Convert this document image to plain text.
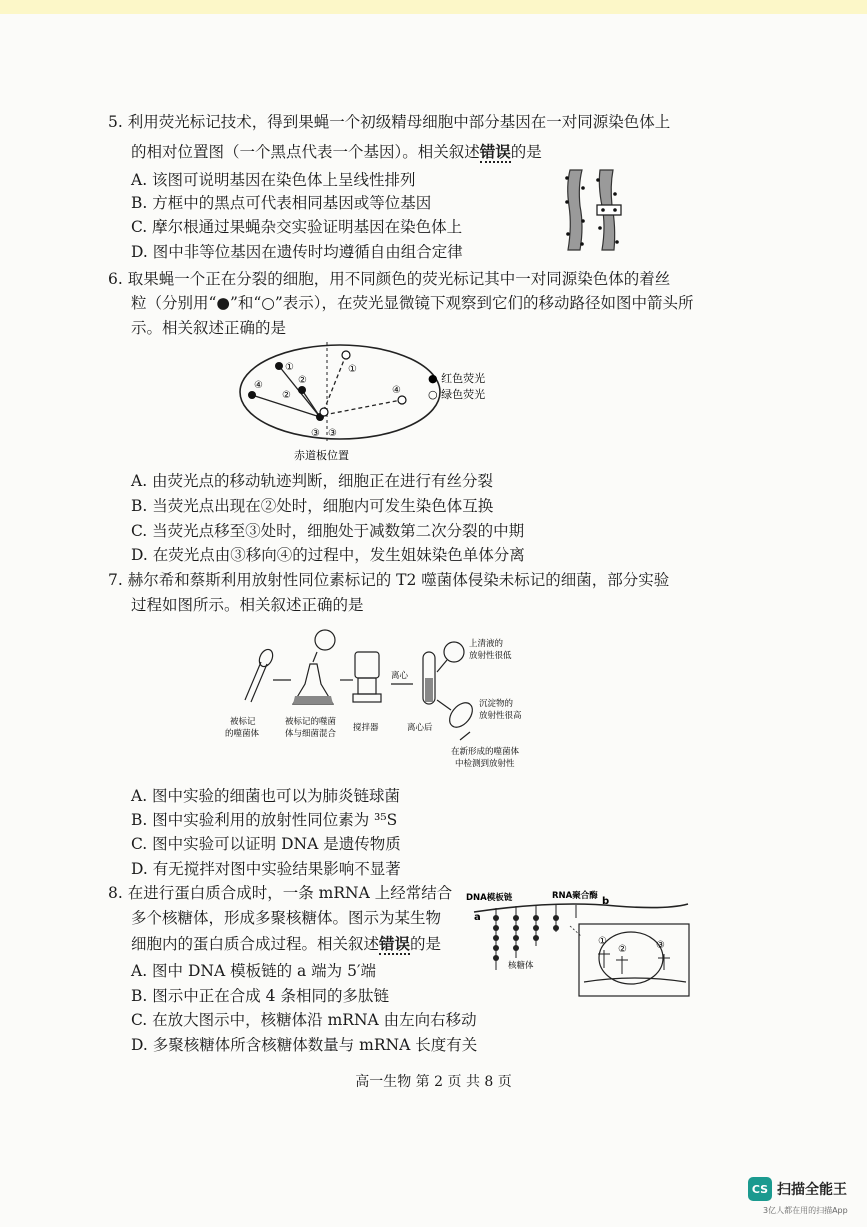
5. 利用荧光标记技术，得到果蝇一个初级精母细胞中部分基因在一对同源染色体上
的相对位置图（一个黑点代表一个基因）。相关叙述错误的是
A. 该图可说明基因在染色体上呈线性排列
B. 方框中的黑点可代表相同基因或等位基因
C. 摩尔根通过果蝇杂交实验证明基因在染色体上
D. 图中非等位基因在遗传时均遵循自由组合定律
6. 取果蝇一个正在分裂的细胞，用不同颜色的荧光标记其中一对同源染色体的着丝
粒（分别用“●”和“○”表示），在荧光显微镜下观察到它们的移动路径如图中箭头所
示。相关叙述正确的是
①	①
②
②
③ ③
④	④
● 红色荧光
○ 绿色荧光
赤道板位置
A. 由荧光点的移动轨迹判断，细胞正在进行有丝分裂
B. 当荧光点出现在②处时，细胞内可发生染色体互换
C. 当荧光点移至③处时，细胞处于减数第二次分裂的中期
D. 在荧光点由③移向④的过程中，发生姐妹染色单体分离
7. 赫尔希和蔡斯利用放射性同位素标记的 T2 噬菌体侵染未标记的细菌，部分实验
过程如图所示。相关叙述正确的是
被标记
的噬菌体
被标记的噬菌
体与细菌混合
搅拌器
离心
离心后
上清液的
放射性很低
沉淀物的
放射性很高
在新形成的噬菌体
中检测到放射性
A. 图中实验的细菌也可以为肺炎链球菌
B. 图中实验利用的放射性同位素为 ³⁵S
C. 图中实验可以证明 DNA 是遗传物质
D. 有无搅拌对图中实验结果影响不显著
8. 在进行蛋白质合成时，一条 mRNA 上经常结合
多个核糖体，形成多聚核糖体。图示为某生物
细胞内的蛋白质合成过程。相关叙述错误的是
A. 图中 DNA 模板链的 a 端为 5′端
B. 图示中正在合成 4 条相同的多肽链
C. 在放大图示中，核糖体沿 mRNA 由左向右移动
D. 多聚核糖体所含核糖体数量与 mRNA 长度有关
DNA模板链	RNA聚合酶
a
b
核糖体
①
②	③
高一生物 第 2 页 共 8 页
CS 扫描全能王
3亿人都在用的扫描App
